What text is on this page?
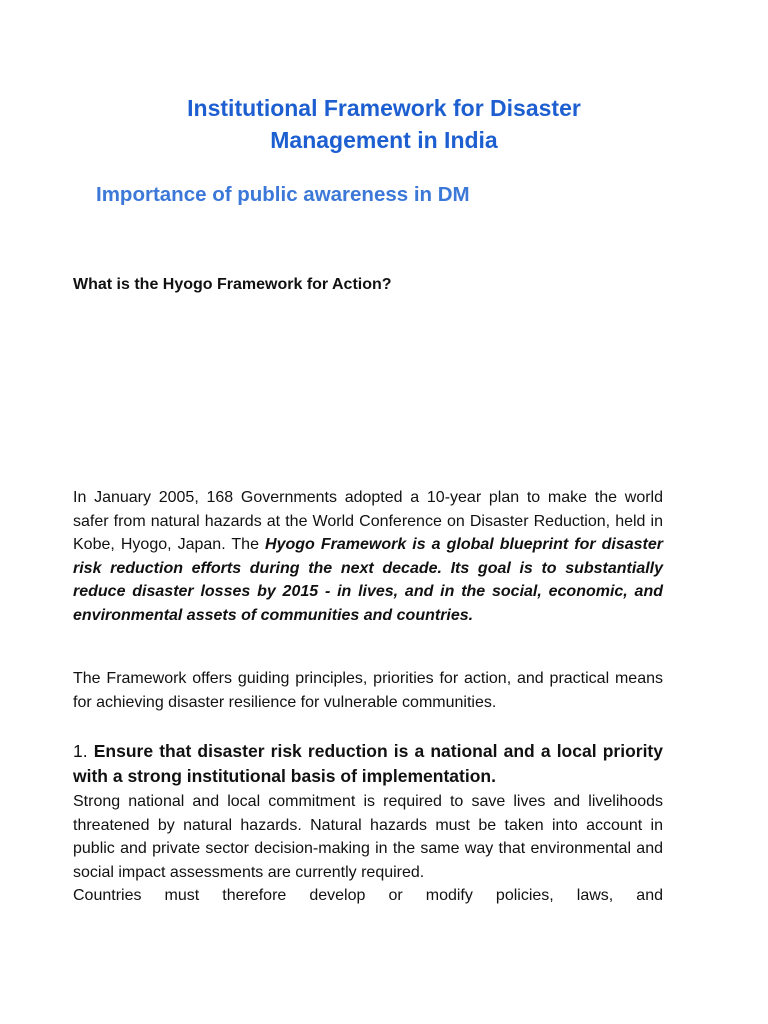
Institutional Framework for Disaster
Management in India
Importance of public awareness in DM
What is the Hyogo Framework for Action?
In January 2005, 168 Governments adopted a 10-year plan to make the world safer from natural hazards at the World Conference on Disaster Reduction, held in Kobe, Hyogo, Japan. The Hyogo Framework is a global blueprint for disaster risk reduction efforts during the next decade. Its goal is to substantially reduce disaster losses by 2015 - in lives, and in the social, economic, and environmental assets of communities and countries.
The Framework offers guiding principles, priorities for action, and practical means for achieving disaster resilience for vulnerable communities.
1. Ensure that disaster risk reduction is a national and a local priority with a strong institutional basis of implementation.
Strong national and local commitment is required to save lives and livelihoods threatened by natural hazards. Natural hazards must be taken into account in public and private sector decision-making in the same way that environmental and social impact assessments are currently required.
Countries must therefore develop or modify policies, laws, and
